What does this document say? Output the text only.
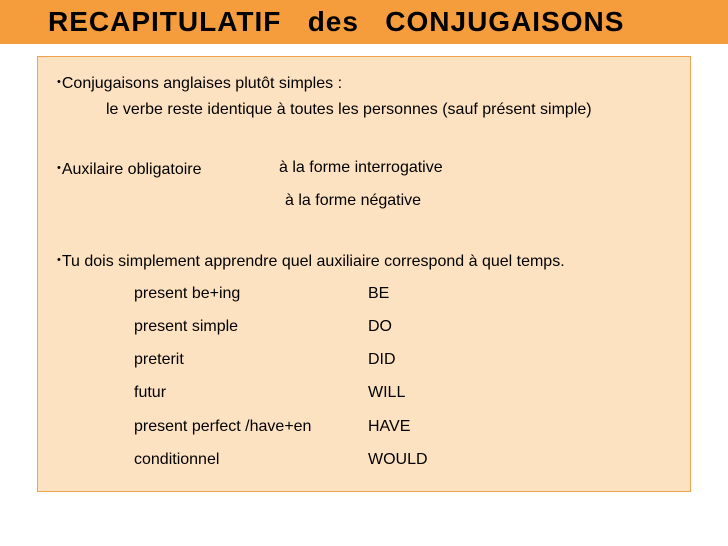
RECAPITULATIF des CONJUGAISONS
•Conjugaisons anglaises plutôt simples :
le verbe reste identique à toutes les personnes (sauf présent simple)
•Auxilaire obligatoire	à la forme interrogative
à la forme négative
•Tu dois simplement apprendre quel auxiliaire correspond à quel temps.
present be+ing	BE
present simple	DO
preterit	DID
futur	WILL
present perfect /have+en	HAVE
conditionnel	WOULD
